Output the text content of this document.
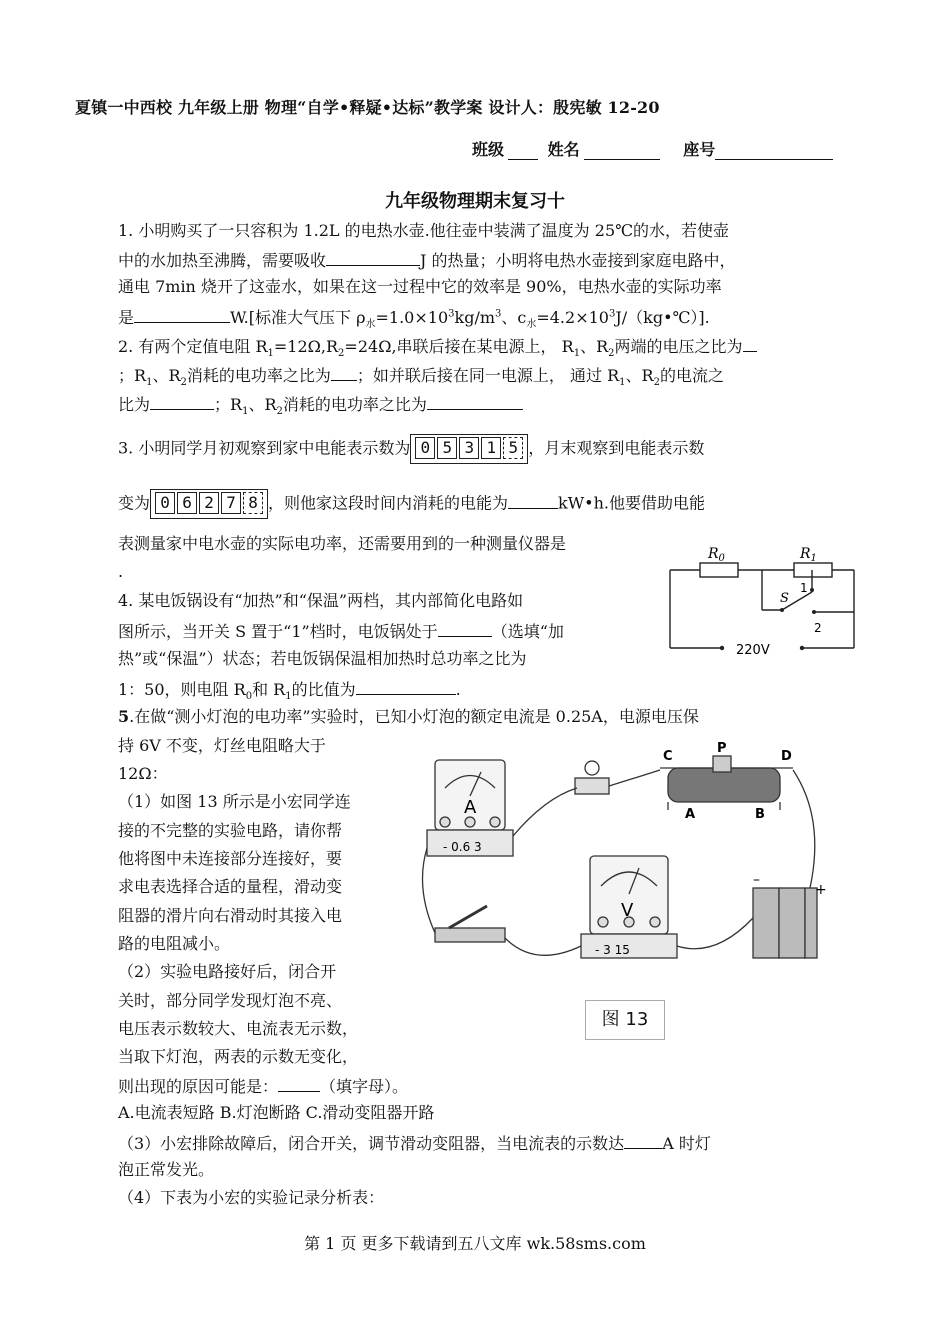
夏镇一中西校 九年级上册 物理“自学•释疑•达标”教学案 设计人：殷宪敏 12-20
班级	姓名	座号
九年级物理期末复习十
1. 小明购买了一只容积为 1.2L 的电热水壶.他往壶中装满了温度为 25℃的水，若使壶
中的水加热至沸腾，需要吸收	J 的热量；小明将电热水壶接到家庭电路中，
通电 7min 烧开了这壶水，如果在这一过程中它的效率是 90%，电热水壶的实际功率
是	W.[标准大气压下 $\rho_水=1.0\times 10^3kg/m^3$、$c_水=4.2\times 10^3J/(kg•℃)$].
2. 有两个定值电阻 $R_1=12\Omega,R_2=24\Omega$,串联后接在某电源上， $R_1$、$R_2$两端的电压之比为
；$R_1$、$R_2$消耗的电功率之比为 ；如并联后接在同一电源上， 通过 $R_1$、$R_2$的电流之
比为	；$R_1$、$R_2$消耗的电功率之比为
3. 小明同学月初观察到家中电能表示数为 0 5 3 1 5 ，月末观察到电能表示数
变为 0 6 2 7 8 ，则他家这段时间内消耗的电能为	kW•h.他要借助电能
表测量家中电水壶的实际电功率，还需要用到的一种测量仪器是
.
4. 某电饭锅设有“加热”和“保温”两档，其内部简化电路如
图所示，当开关 S 置于“1”档时，电饭锅处于	（选填“加
热”或“保温”）状态；若电饭锅保温相加热时总功率之比为
1：50，则电阻 $R_0$和 $R_1$的比值为	.
$R_0$	$R_1$
S
1
2
220V
5.在做“测小灯泡的电功率”实验时，已知小灯泡的额定电流是 0.25A，电源电压保
持 6V 不变，灯丝电阻略大于
12Ω：
（1）如图 13 所示是小宏同学连
接的不完整的实验电路，请你帮
他将图中未连接部分连接好，要
求电表选择合适的量程，滑动变
阻器的滑片向右滑动时其接入电
路的电阻减小。
（2）实验电路接好后，闭合开
关时，部分同学发现灯泡不亮、
电压表示数较大、电流表无示数，
当取下灯泡，两表的示数无变化，
则出现的原因可能是：	（填字母）。
A.电流表短路 B.灯泡断路 C.滑动变阻器开路
（3）小宏排除故障后，闭合开关，调节滑动变阻器，当电流表的示数达 A 时灯
泡正常发光。
（4）下表为小宏的实验记录分析表：
A
- 0.6 3
V
- 3 15
C
P
D
A	B
–
+
图 13
第 1 页 更多下载请到五八文库 wk.58sms.com
